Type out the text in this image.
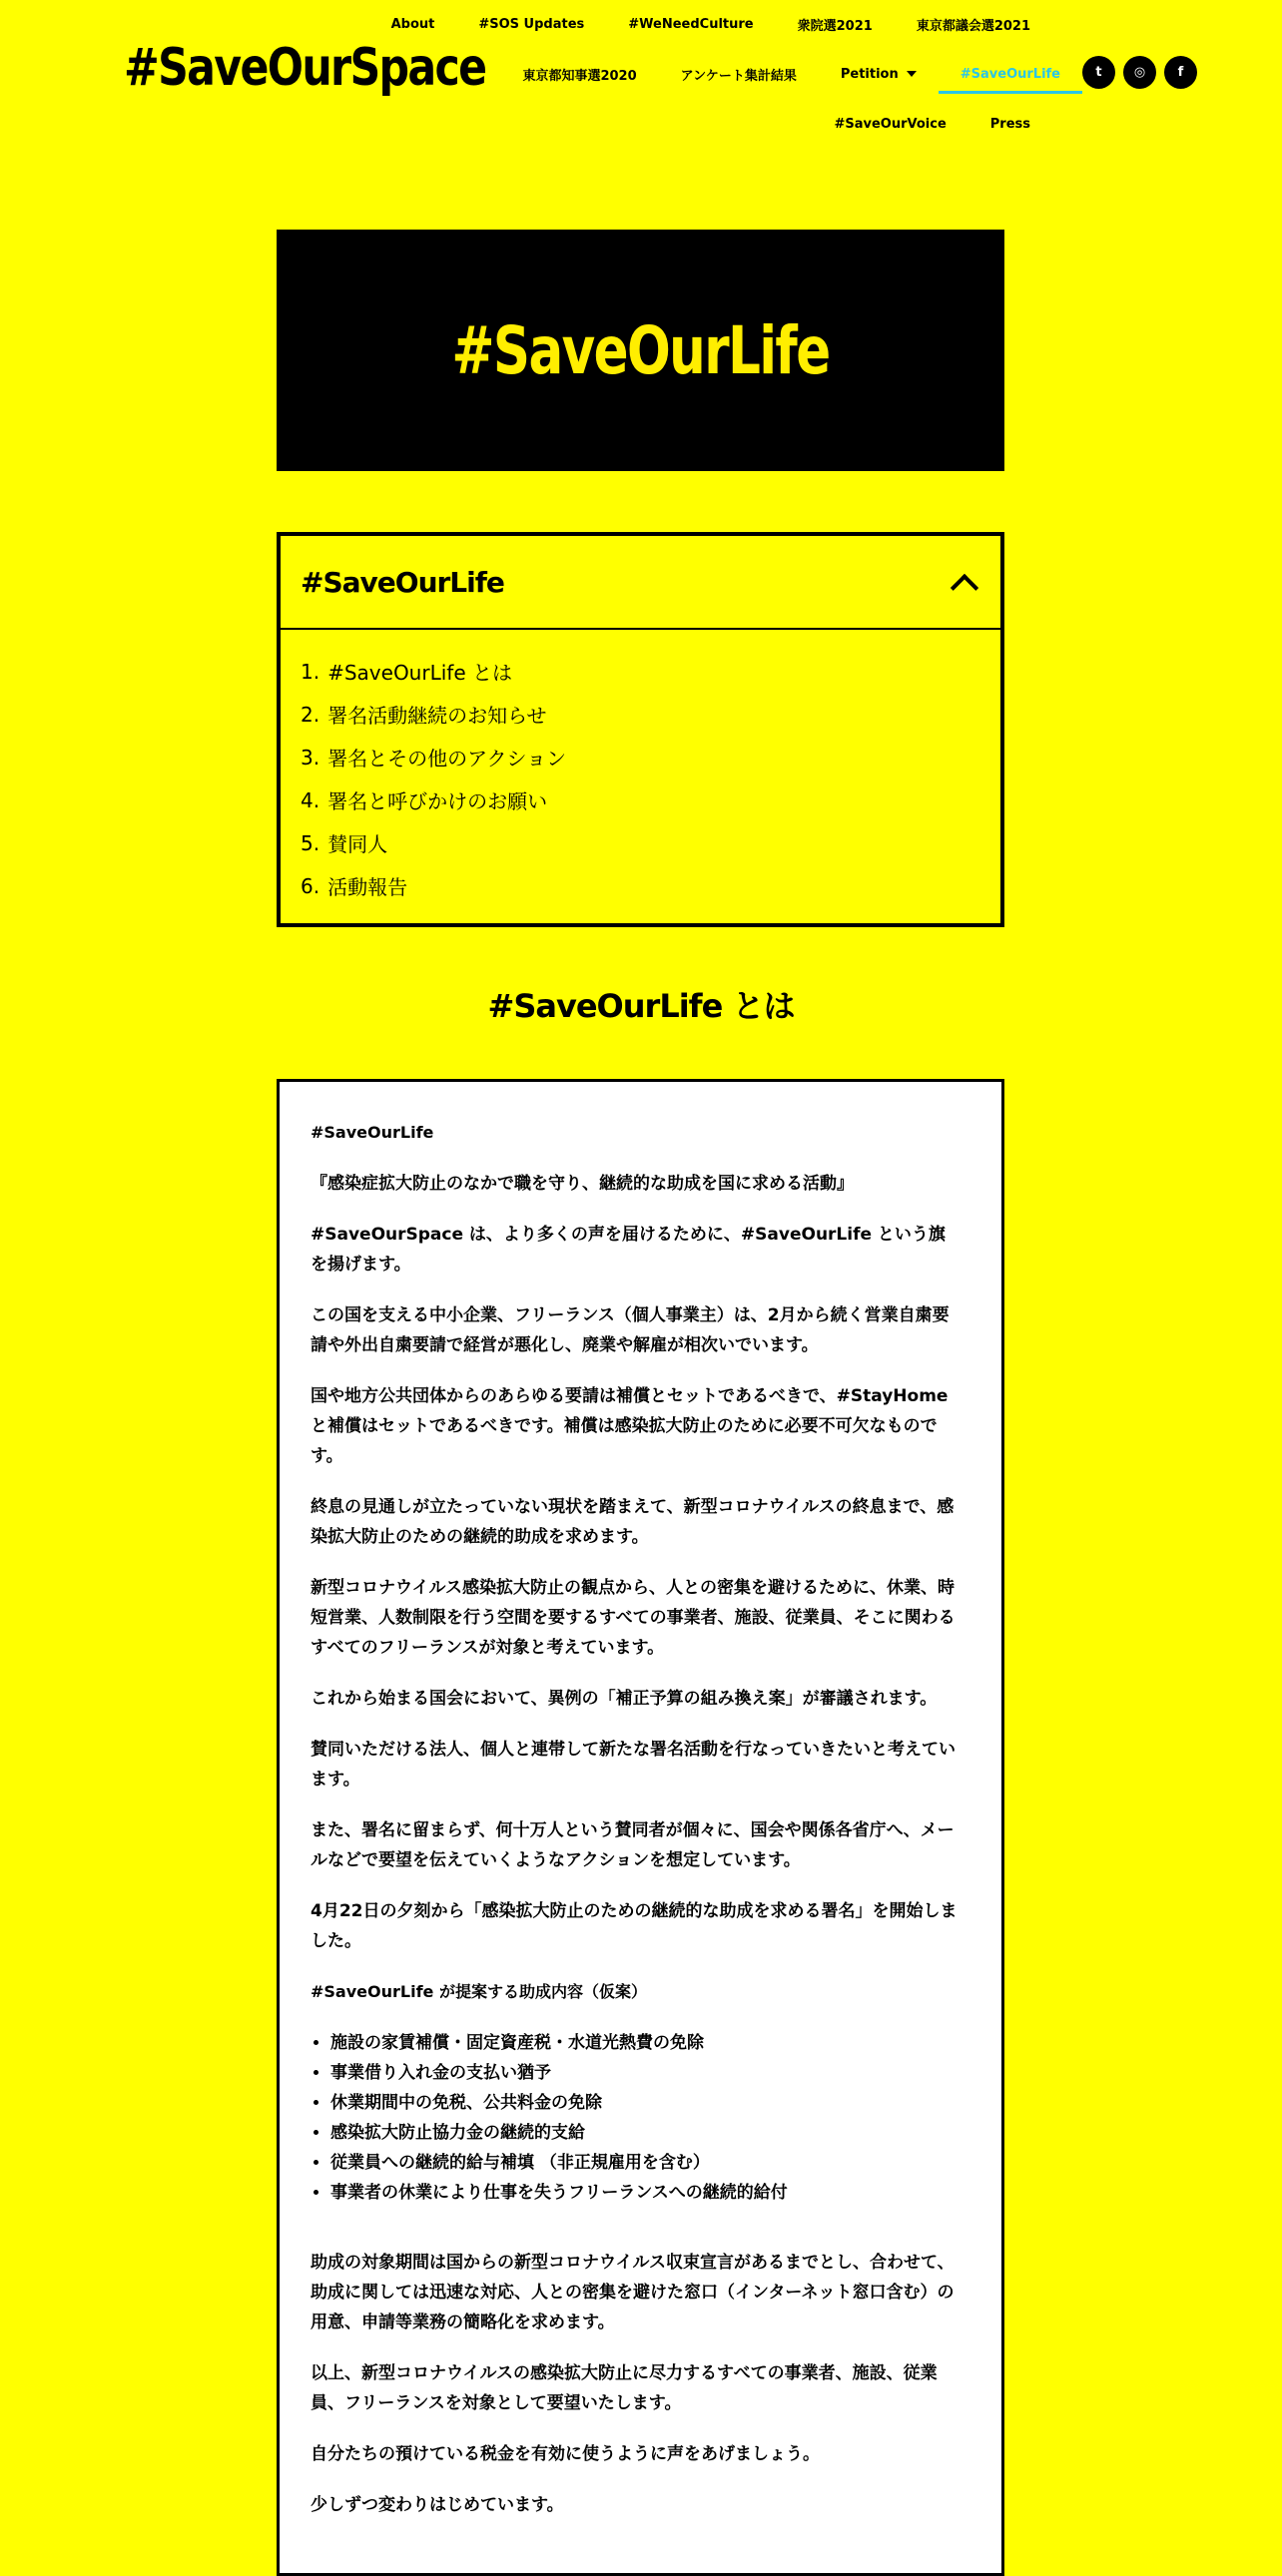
#SaveOurSpace
About	#SOS Updates	#WeNeedCulture	衆院選2021	東京都議会選2021
東京都知事選2020	アンケート集計結果	Petition	#SaveOurLife	t	◎	f
#SaveOurVoice	Press
#SaveOurLife
#SaveOurLife
1. #SaveOurLife とは
2. 署名活動継続のお知らせ
3. 署名とその他のアクション
4. 署名と呼びかけのお願い
5. 賛同人
6. 活動報告
#SaveOurLife とは

#SaveOurLife

『感染症拡大防止のなかで職を守り、継続的な助成を国に求める活動』

#SaveOurSpace は、より多くの声を届けるために、#SaveOurLife という旗を揚げます。

この国を支える中小企業、フリーランス（個人事業主）は、2月から続く営業自粛要請や外出自粛要請で経営が悪化し、廃業や解雇が相次いでいます。

国や地方公共団体からのあらゆる要請は補償とセットであるべきで、#StayHome と補償はセットであるべきです。補償は感染拡大防止のために必要不可欠なものです。

終息の見通しが立たっていない現状を踏まえて、新型コロナウイルスの終息まで、感染拡大防止のための継続的助成を求めます。

新型コロナウイルス感染拡大防止の観点から、人との密集を避けるために、休業、時短営業、人数制限を行う空間を要するすべての事業者、施設、従業員、そこに関わるすべてのフリーランスが対象と考えています。

これから始まる国会において、異例の「補正予算の組み換え案」が審議されます。

賛同いただける法人、個人と連帯して新たな署名活動を行なっていきたいと考えています。

また、署名に留まらず、何十万人という賛同者が個々に、国会や関係各省庁へ、メールなどで要望を伝えていくようなアクションを想定しています。

4月22日の夕刻から「感染拡大防止のための継続的な助成を求める署名」を開始しました。

#SaveOurLife が提案する助成内容（仮案）

• 施設の家賃補償・固定資産税・水道光熱費の免除
• 事業借り入れ金の支払い猶予
• 休業期間中の免税、公共料金の免除
• 感染拡大防止協力金の継続的支給
• 従業員への継続的給与補填 （非正規雇用を含む）
• 事業者の休業により仕事を失うフリーランスへの継続的給付

助成の対象期間は国からの新型コロナウイルス収束宣言があるまでとし、合わせて、助成に関しては迅速な対応、人との密集を避けた窓口（インターネット窓口含む）の用意、申請等業務の簡略化を求めます。

以上、新型コロナウイルスの感染拡大防止に尽力するすべての事業者、施設、従業員、フリーランスを対象として要望いたします。

自分たちの預けている税金を有効に使うように声をあげましょう。

少しずつ変わりはじめています。
